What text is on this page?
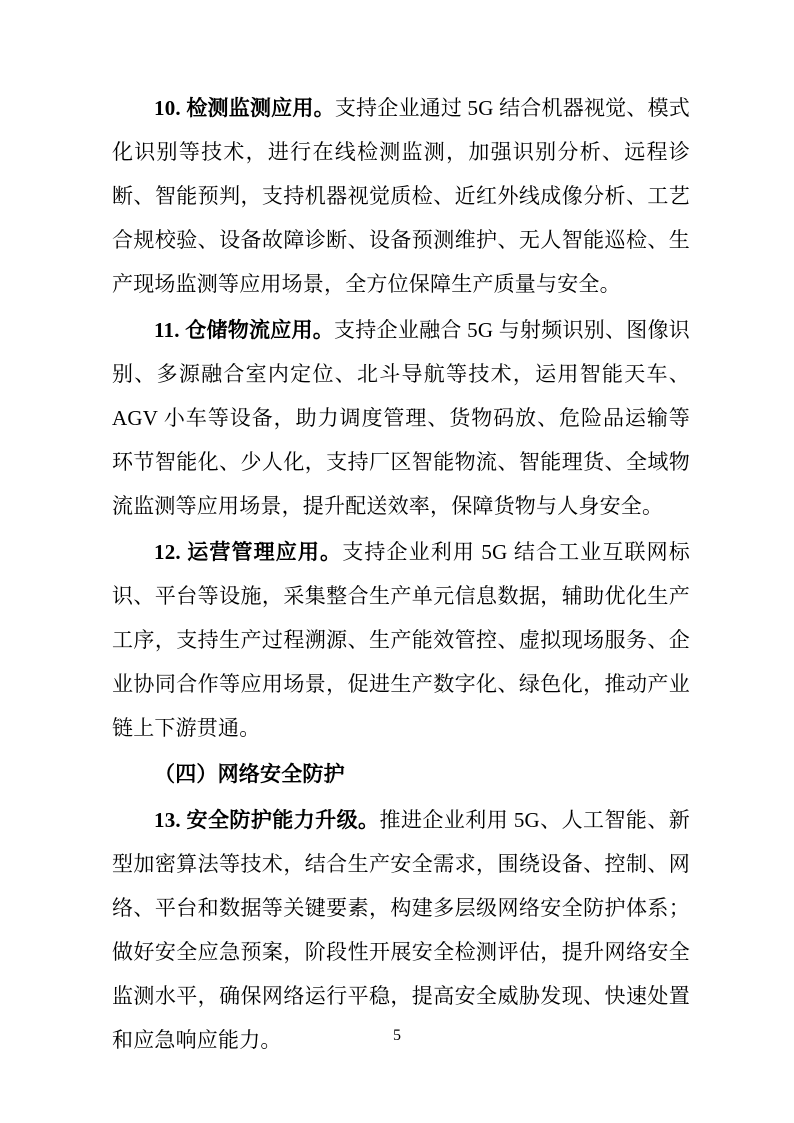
10. 检测监测应用。支持企业通过 5G 结合机器视觉、模式化识别等技术，进行在线检测监测，加强识别分析、远程诊断、智能预判，支持机器视觉质检、近红外线成像分析、工艺合规校验、设备故障诊断、设备预测维护、无人智能巡检、生产现场监测等应用场景，全方位保障生产质量与安全。

11. 仓储物流应用。支持企业融合 5G 与射频识别、图像识别、多源融合室内定位、北斗导航等技术，运用智能天车、AGV 小车等设备，助力调度管理、货物码放、危险品运输等环节智能化、少人化，支持厂区智能物流、智能理货、全域物流监测等应用场景，提升配送效率，保障货物与人身安全。

12. 运营管理应用。支持企业利用 5G 结合工业互联网标识、平台等设施，采集整合生产单元信息数据，辅助优化生产工序，支持生产过程溯源、生产能效管控、虚拟现场服务、企业协同合作等应用场景，促进生产数字化、绿色化，推动产业链上下游贯通。

（四）网络安全防护

13. 安全防护能力升级。推进企业利用 5G、人工智能、新型加密算法等技术，结合生产安全需求，围绕设备、控制、网络、平台和数据等关键要素，构建多层级网络安全防护体系；做好安全应急预案，阶段性开展安全检测评估，提升网络安全监测水平，确保网络运行平稳，提高安全威胁发现、快速处置和应急响应能力。	5
